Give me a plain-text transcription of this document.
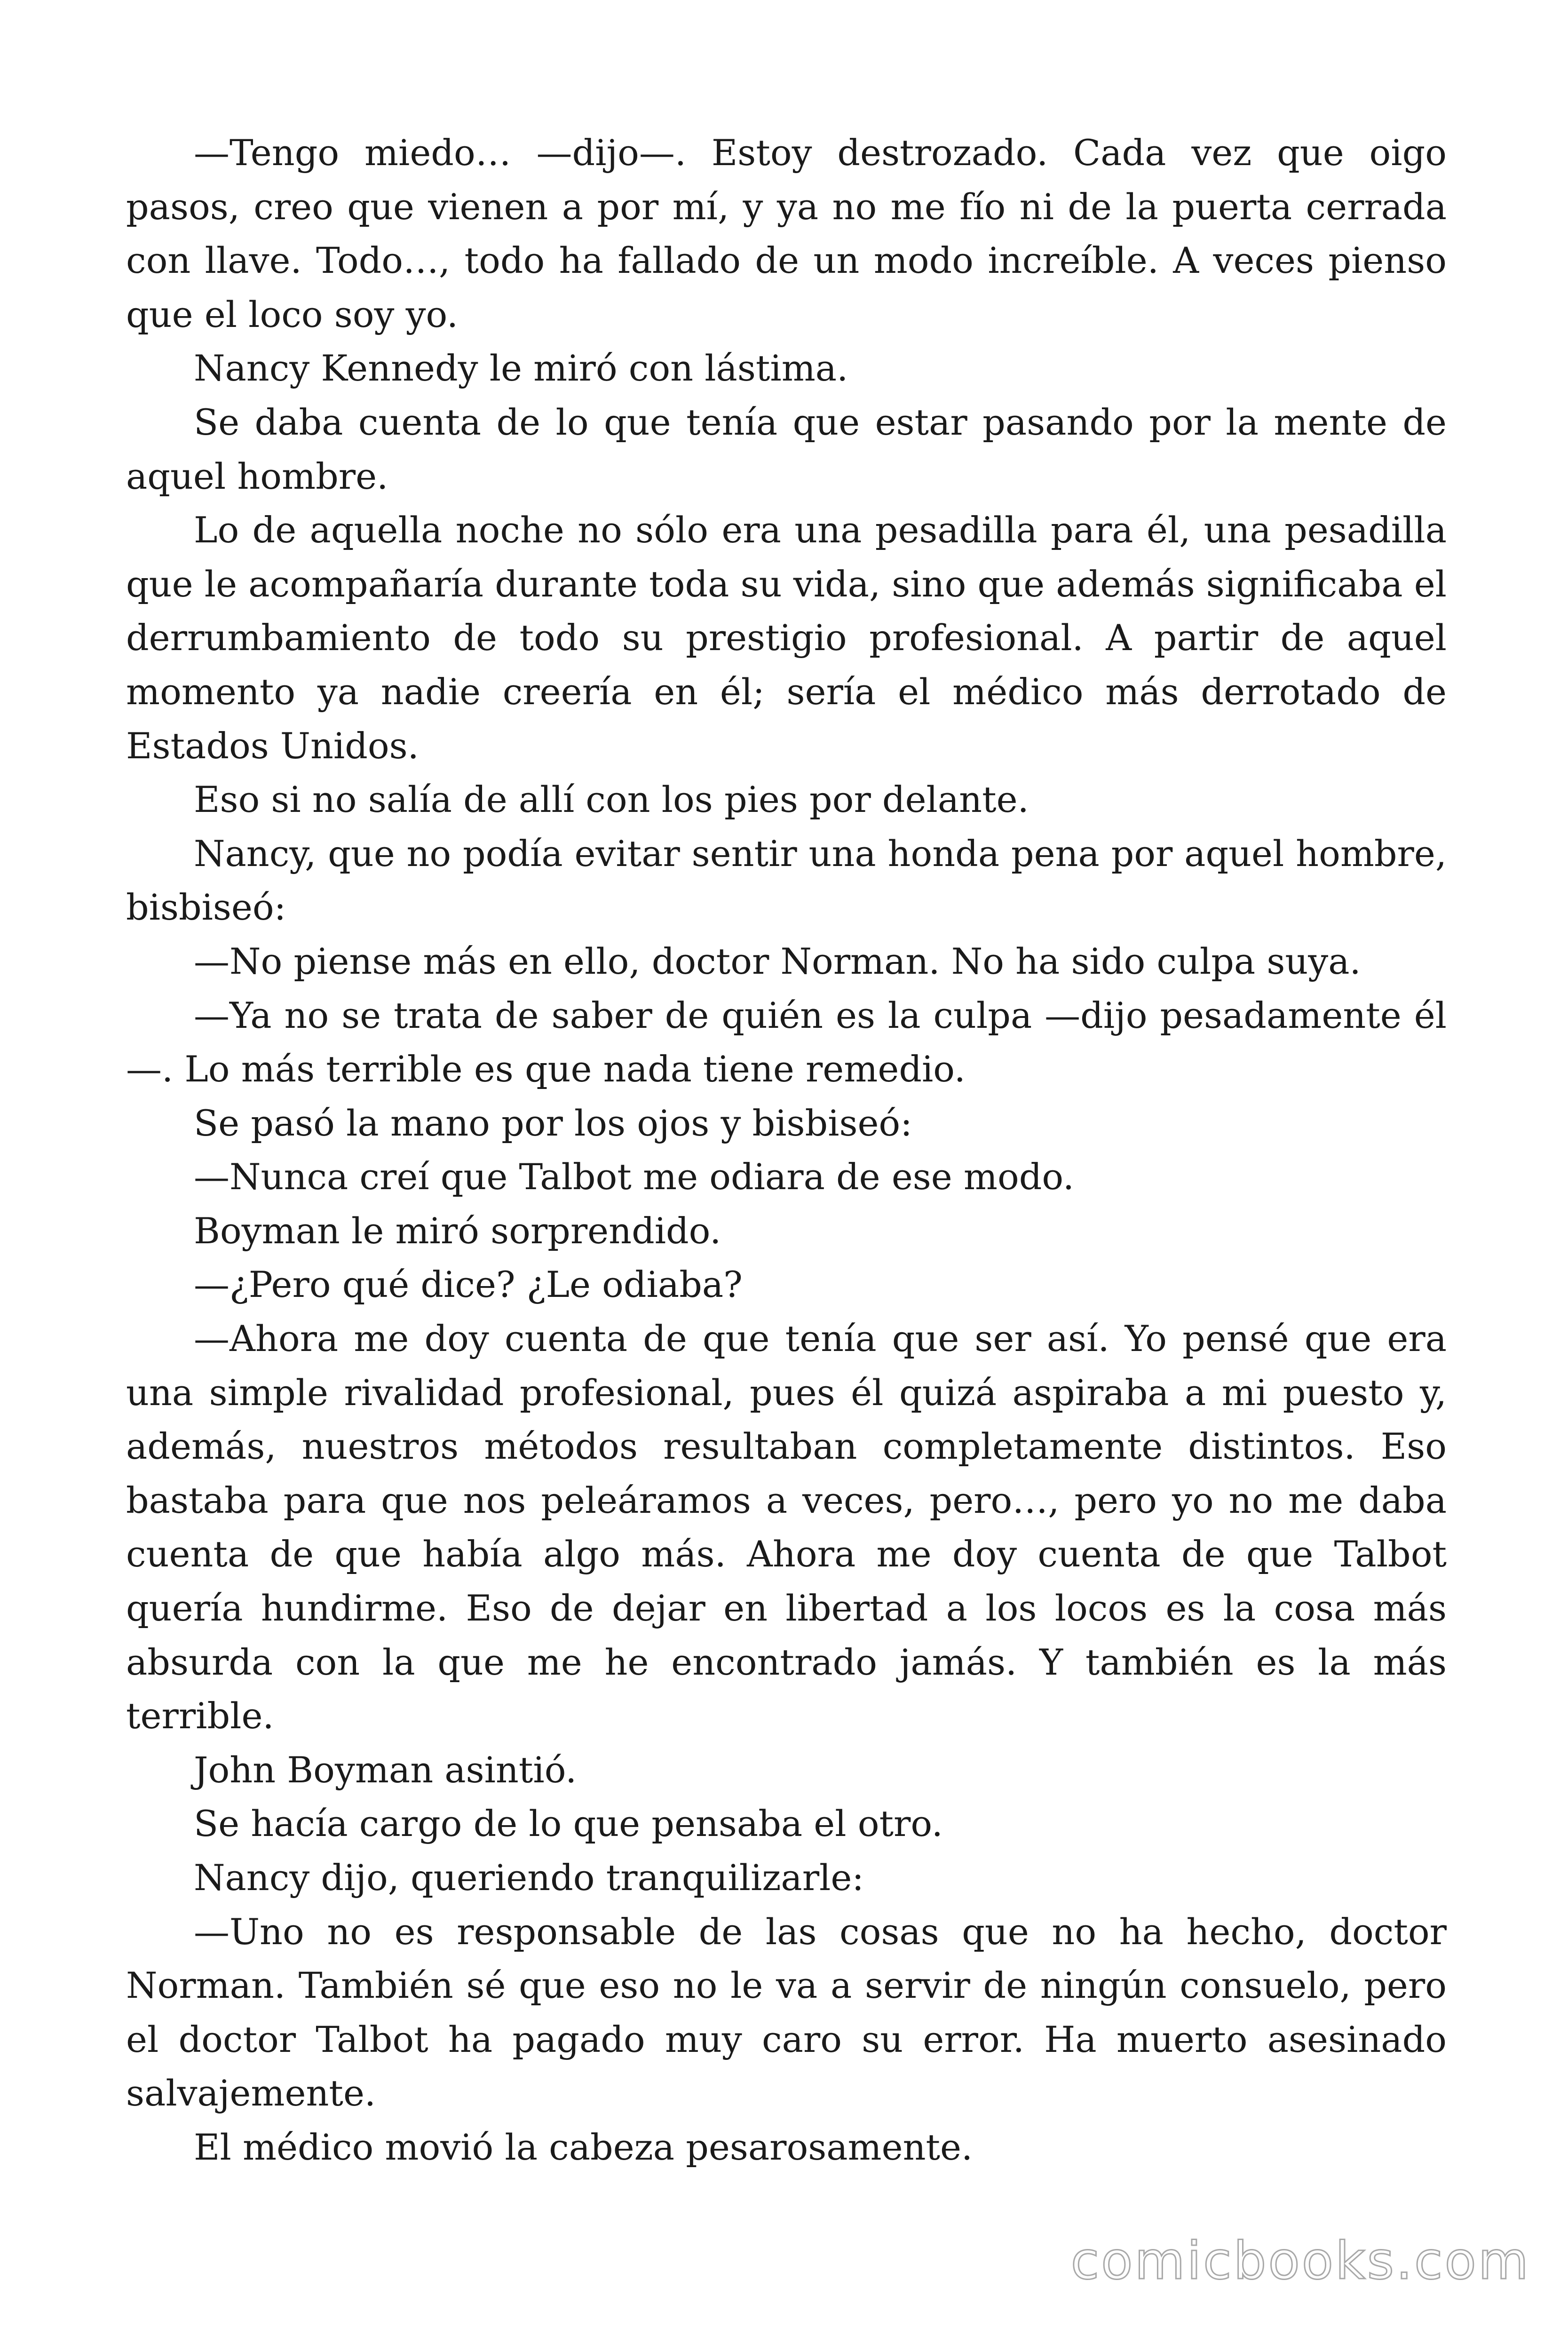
—Tengo miedo… —dijo—. Estoy destrozado. Cada vez que oigo pasos, creo que vienen a por mí, y ya no me fío ni de la puerta cerrada con llave. Todo…, todo ha fallado de un modo increíble. A veces pienso que el loco soy yo.

Nancy Kennedy le miró con lástima.

Se daba cuenta de lo que tenía que estar pasando por la mente de aquel hombre.

Lo de aquella noche no sólo era una pesadilla para él, una pesadilla que le acompañaría durante toda su vida, sino que además significaba el derrumbamiento de todo su prestigio profesional. A partir de aquel momento ya nadie creería en él; sería el médico más derrotado de Estados Unidos.

Eso si no salía de allí con los pies por delante.

Nancy, que no podía evitar sentir una honda pena por aquel hombre, bisbiseó:

—No piense más en ello, doctor Norman. No ha sido culpa suya.

—Ya no se trata de saber de quién es la culpa —dijo pesadamente él—. Lo más terrible es que nada tiene remedio.

Se pasó la mano por los ojos y bisbiseó:

—Nunca creí que Talbot me odiara de ese modo.

Boyman le miró sorprendido.

—¿Pero qué dice? ¿Le odiaba?

—Ahora me doy cuenta de que tenía que ser así. Yo pensé que era una simple rivalidad profesional, pues él quizá aspiraba a mi puesto y, además, nuestros métodos resultaban completamente distintos. Eso bastaba para que nos peleáramos a veces, pero…, pero yo no me daba cuenta de que había algo más. Ahora me doy cuenta de que Talbot quería hundirme. Eso de dejar en libertad a los locos es la cosa más absurda con la que me he encontrado jamás. Y también es la más terrible.

John Boyman asintió.

Se hacía cargo de lo que pensaba el otro.

Nancy dijo, queriendo tranquilizarle:

—Uno no es responsable de las cosas que no ha hecho, doctor Norman. También sé que eso no le va a servir de ningún consuelo, pero el doctor Talbot ha pagado muy caro su error. Ha muerto asesinado salvajemente.

El médico movió la cabeza pesarosamente.

comicbooks.com
